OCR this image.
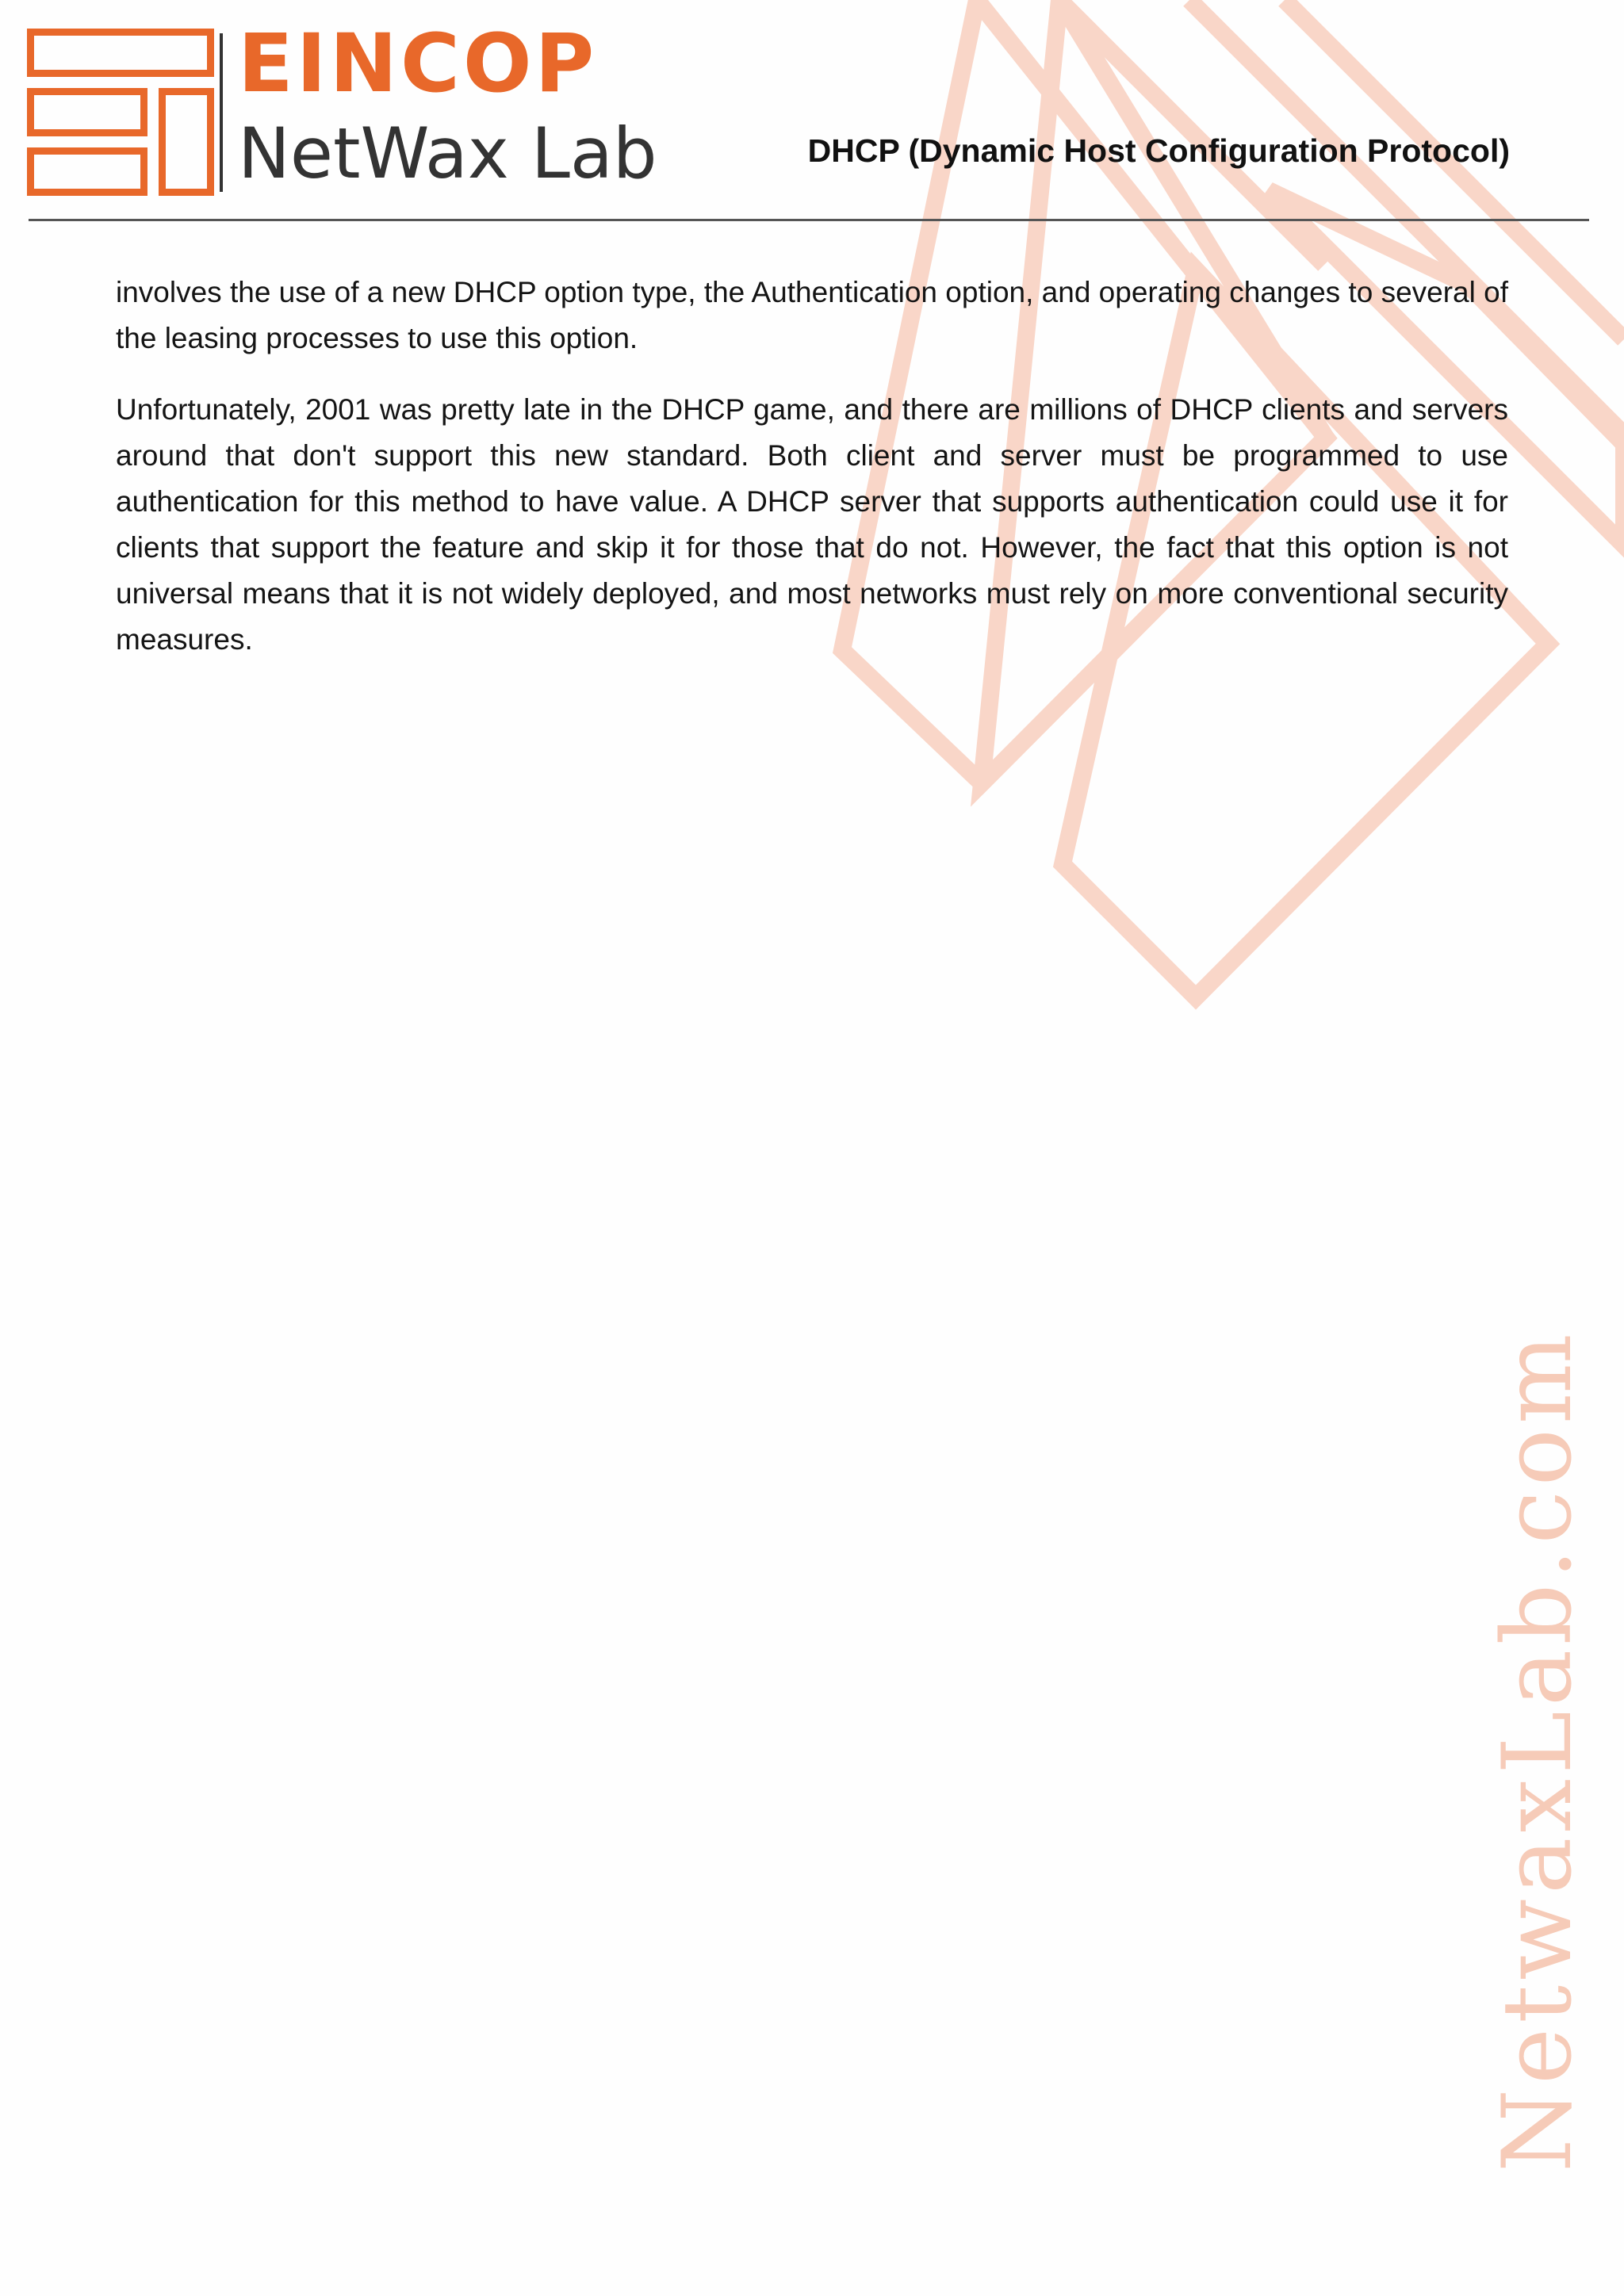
EINCOP
NetWax Lab	DHCP (Dynamic Host Configuration Protocol)

involves the use of a new DHCP option type, the Authentication option, and operating changes to several of the leasing processes to use this option.

Unfortunately, 2001 was pretty late in the DHCP game, and there are millions of DHCP clients and servers around that don't support this new standard. Both client and server must be programmed to use authentication for this method to have value. A DHCP server that supports authentication could use it for clients that support the feature and skip it for those that do not. However, the fact that this option is not universal means that it is not widely deployed, and most networks must rely on more conventional security measures.

NetwaxLab.com
